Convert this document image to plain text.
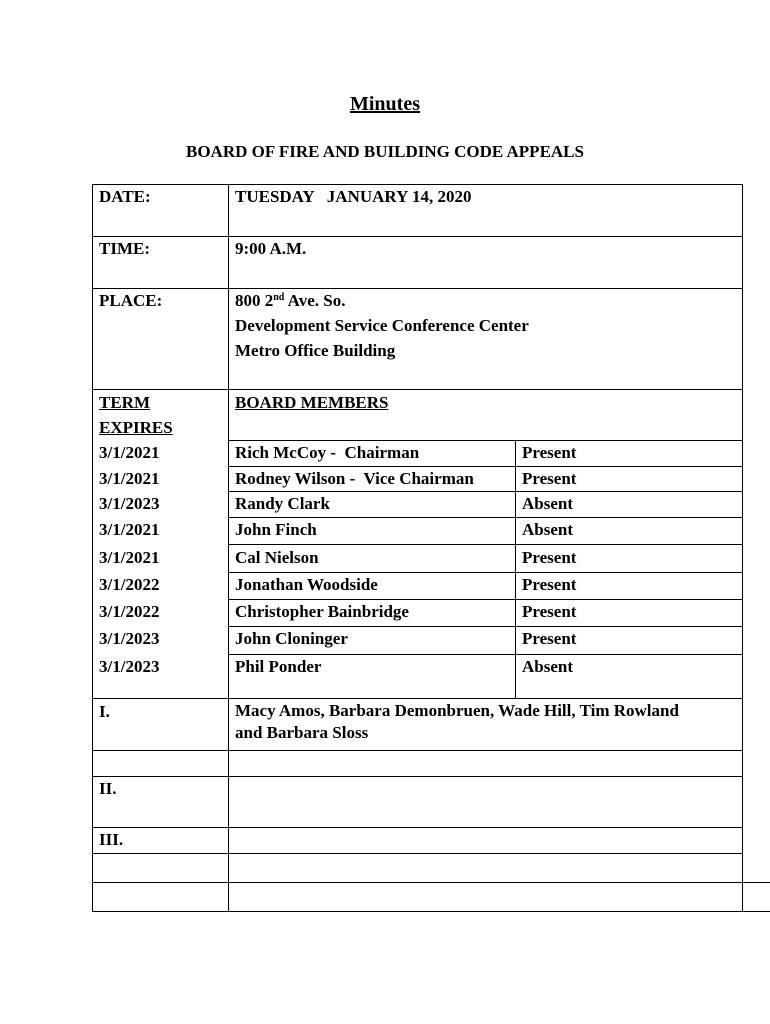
Minutes
BOARD OF FIRE AND BUILDING CODE APPEALS
DATE:	TUESDAY   JANUARY 14, 2020
TIME:	9:00 A.M.
PLACE:	800 2nd Ave. So.
Development Service Conference Center
Metro Office Building
TERM
EXPIRES
BOARD MEMBERS
3/1/2021	Rich McCoy -  Chairman	Present
3/1/2021	Rodney Wilson -  Vice Chairman	Present
3/1/2023	Randy Clark	Absent
3/1/2021	John Finch	Absent
3/1/2021	Cal Nielson	Present
3/1/2022	Jonathan Woodside	Present
3/1/2022	Christopher Bainbridge	Present
3/1/2023	John Cloninger	Present
3/1/2023	Phil Ponder	Absent
I.	Macy Amos, Barbara Demonbruen, Wade Hill, Tim Rowland
and Barbara Sloss
II.
III.
